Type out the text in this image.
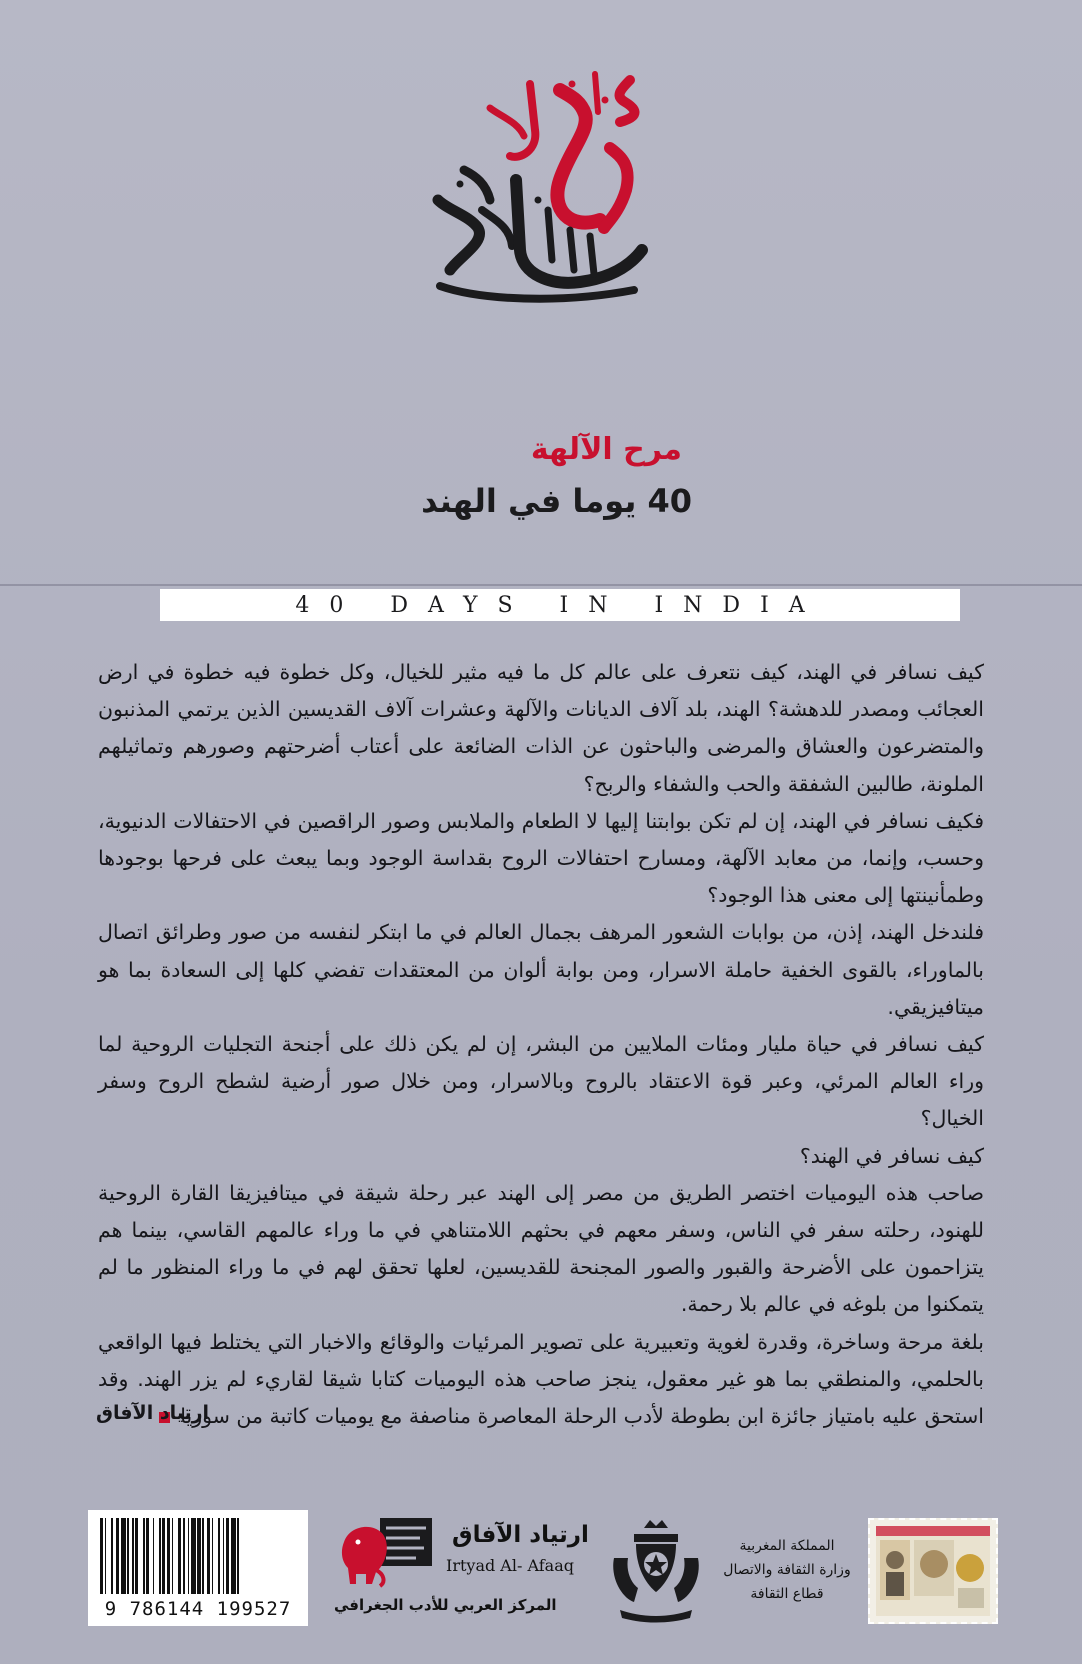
مرح الآلهة
40 يوما في الهند
40 DAYS IN INDIA

كيف نسافر في الهند، كيف نتعرف على عالم كل ما فيه مثير للخيال، وكل خطوة فيه خطوة في ارض العجائب ومصدر للدهشة؟ الهند، بلد آلاف الديانات والآلهة وعشرات آلاف القديسين الذين يرتمي المذنبون والمتضرعون والعشاق والمرضى والباحثون عن الذات الضائعة على أعتاب أضرحتهم وصورهم وتماثيلهم الملونة، طالبين الشفقة والحب والشفاء والربح؟

فكيف نسافر في الهند، إن لم تكن بوابتنا إليها لا الطعام والملابس وصور الراقصين في الاحتفالات الدنيوية، وحسب، وإنما، من معابد الآلهة، ومسارح احتفالات الروح بقداسة الوجود وبما يبعث على فرحها بوجودها وطمأنينتها إلى معنى هذا الوجود؟

فلندخل الهند، إذن، من بوابات الشعور المرهف بجمال العالم في ما ابتكر لنفسه من صور وطرائق اتصال بالماوراء، بالقوى الخفية حاملة الاسرار، ومن بوابة ألوان من المعتقدات تفضي كلها إلى السعادة بما هو ميتافيزيقي.

كيف نسافر في حياة مليار ومئات الملايين من البشر، إن لم يكن ذلك على أجنحة التجليات الروحية لما وراء العالم المرئي، وعبر قوة الاعتقاد بالروح وبالاسرار، ومن خلال صور أرضية لشطح الروح وسفر الخيال؟

كيف نسافر في الهند؟

صاحب هذه اليوميات اختصر الطريق من مصر إلى الهند عبر رحلة شيقة في ميتافيزيقا القارة الروحية للهنود، رحلته سفر في الناس، وسفر معهم في بحثهم اللامتناهي في ما وراء عالمهم القاسي، بينما هم يتزاحمون على الأضرحة والقبور والصور المجنحة للقديسين، لعلها تحقق لهم في ما وراء المنظور ما لم يتمكنوا من بلوغه في عالم بلا رحمة.

بلغة مرحة وساخرة، وقدرة لغوية وتعبيرية على تصوير المرئيات والوقائع والاخبار التي يختلط فيها الواقعي بالحلمي، والمنطقي بما هو غير معقول، ينجز صاحب هذه اليوميات كتابا شيقا لقاريء لم يزر الهند. وقد استحق عليه بامتياز جائزة ابن بطوطة لأدب الرحلة المعاصرة مناصفة مع يوميات كاتبة من سوريا

ارتياد الآفاق
9 786144 199527
ارتياد الآفاق
Irtyad Al- Afaaq
المركز العربي للأدب الجغرافي
المملكة المغربية
وزارة الثقافة والاتصال
قطاع الثقافة
